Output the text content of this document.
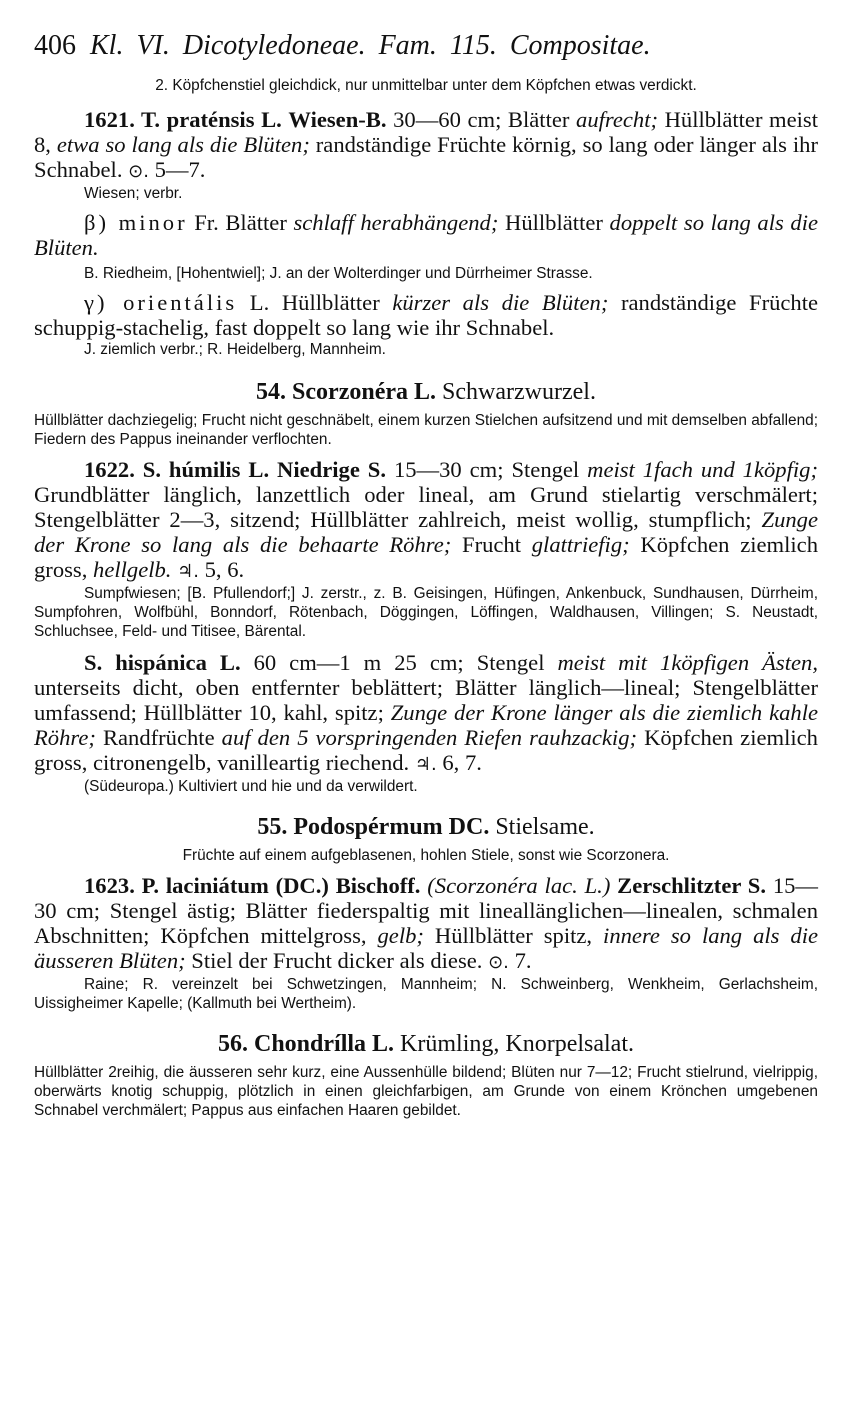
406 Kl. VI. Dicotyledoneae. Fam. 115. Compositae.
2. Köpfchenstiel gleichdick, nur unmittelbar unter dem Köpfchen etwas verdickt.
1621. T. praténsis L. Wiesen-B. 30—60 cm; Blätter aufrecht; Hüllblätter meist 8, etwa so lang als die Blüten; randständige Früchte körnig, so lang oder länger als ihr Schnabel. ⊙. 5—7.
Wiesen; verbr.
β) minor Fr. Blätter schlaff herabhängend; Hüllblätter doppelt so lang als die Blüten.
B. Riedheim, [Hohentwiel]; J. an der Wolterdinger und Dürrheimer Strasse.
γ) orientális L. Hüllblätter kürzer als die Blüten; randständige Früchte schuppig-stachelig, fast doppelt so lang wie ihr Schnabel.
J. ziemlich verbr.; R. Heidelberg, Mannheim.
54. Scorzonéra L. Schwarzwurzel.
Hüllblätter dachziegelig; Frucht nicht geschnäbelt, einem kurzen Stielchen aufsitzend und mit demselben abfallend; Fiedern des Pappus ineinander verflochten.
1622. S. húmilis L. Niedrige S. 15—30 cm; Stengel meist 1fach und 1köpfig; Grundblätter länglich, lanzettlich oder lineal, am Grund stielartig verschmälert; Stengelblätter 2—3, sitzend; Hüllblätter zahlreich, meist wollig, stumpflich; Zunge der Krone so lang als die behaarte Röhre; Frucht glattriefig; Köpfchen ziemlich gross, hellgelb. ♃. 5, 6.
Sumpfwiesen; [B. Pfullendorf;] J. zerstr., z. B. Geisingen, Hüfingen, Ankenbuck, Sundhausen, Dürrheim, Sumpfohren, Wolfbühl, Bonndorf, Rötenbach, Döggingen, Löffingen, Waldhausen, Villingen; S. Neustadt, Schluchsee, Feld- und Titisee, Bärental.
S. hispánica L. 60 cm—1 m 25 cm; Stengel meist mit 1köpfigen Ästen, unterseits dicht, oben entfernter beblättert; Blätter länglich—lineal; Stengelblätter umfassend; Hüllblätter 10, kahl, spitz; Zunge der Krone länger als die ziemlich kahle Röhre; Randfrüchte auf den 5 vorspringenden Riefen rauhzackig; Köpfchen ziemlich gross, citronengelb, vanilleartig riechend. ♃. 6, 7.
(Südeuropa.) Kultiviert und hie und da verwildert.
55. Podospérmum DC. Stielsame.
Früchte auf einem aufgeblasenen, hohlen Stiele, sonst wie Scorzonera.
1623. P. laciniátum (DC.) Bischoff. (Scorzonéra lac. L.) Zerschlitzter S. 15—30 cm; Stengel ästig; Blätter fiederspaltig mit lineallänglichen—linealen, schmalen Abschnitten; Köpfchen mittelgross, gelb; Hüllblätter spitz, innere so lang als die äusseren Blüten; Stiel der Frucht dicker als diese. ⊙. 7.
Raine; R. vereinzelt bei Schwetzingen, Mannheim; N. Schweinberg, Wenkheim, Gerlachsheim, Uissigheimer Kapelle; (Kallmuth bei Wertheim).
56. Chondrílla L. Krümling, Knorpelsalat.
Hüllblätter 2reihig, die äusseren sehr kurz, eine Aussenhülle bildend; Blüten nur 7—12; Frucht stielrund, vielrippig, oberwärts knotig schuppig, plötzlich in einen gleichfarbigen, am Grunde von einem Krönchen umgebenen Schnabel verchmälert; Pappus aus einfachen Haaren gebildet.
